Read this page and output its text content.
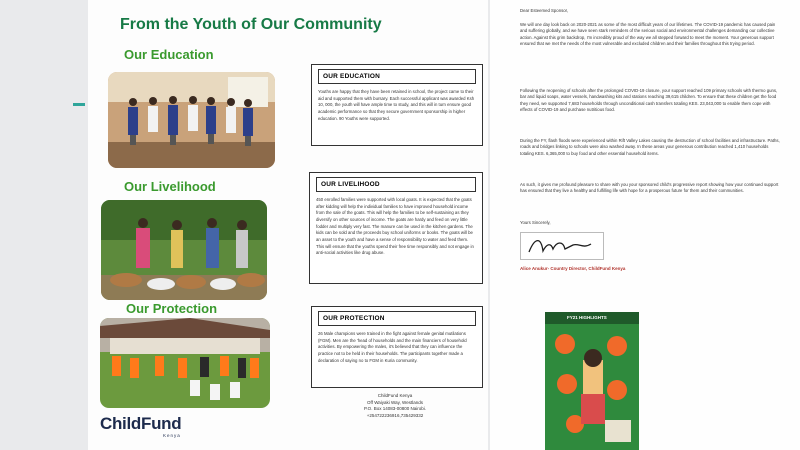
From the Youth of Our Community
Our Education
OUR EDUCATION
Youths are happy that they have been retained in school, the project came to their aid and supported them with bursary. Each successful applicant was awarded Ksh 10, 000, the youth will have ample time to study, and this will in turn ensure good academic performance so that they secure government sponsorship in higher education. 90 Youths were supported.
Our Livelihood	OUR LIVELIHOOD
450 enrolled families were supported with local goats. It is expected that the goats after kidding will help the individual families to have improved household income from the sale of the goats. This will help the families to be self-sustaining as they diversify on other sources of income. The goats are hardy and feed on very little fodder and multiply very fast. The manure can be used in the kitchen gardens. The kids can be sold and the proceeds buy school uniforms or books. The goats will be an asset to the youth and have a sense of responsibility to water and feed them. This will ensure that the youths spend their free time responsibly and not engage in anti-social activities like drug abuse.
Our Protection
OUR PROTECTION
26 Male champions were trained in the fight against female genital mutilations (FGM). Men are the 'head of households and the main financiers of household activities. By empowering the males, it's believed that they can influence the practice not to be held in their households. The participants together made a declaration of saying no to FGM in Kuria community.
ChildFund Kenya
Off Waiyaki Way, Westlands
P.O. Box 14083-00800 Nairobi.
+254722236916,735429332
ChildFund
Kenya
Dear Esteemed Sponsor,
We will one day look back on 2020-2021 as some of the most difficult years of our lifetimes. The COVID-19 pandemic has caused pain and suffering globally, and we have seen stark reminders of the serious social and environmental challenges demanding our collective action. Against this grim backdrop, I'm incredibly proud of the way we all stepped forward to meet the moment. Your generous support ensured that we met the needs of the most vulnerable and excluded children and their families throughout this trying period.
Following the reopening of schools after the prolonged COVID-19 closure, your support reached 109 primary schools with thermo guns, bar and liquid soaps, water vessels, handwashing kits and stations reaching 39,615 children. To ensure that these children get the food they need, we supported 7,683 households through unconditional cash transfers totaling KES. 23,043,000 to enable them cope with effects of COVID-19 and purchase nutritious food.
During the FY, flash floods were experienced within Rift Valley Lakes causing the destruction of school facilities and infrastructure. Paths, roads and bridges linking to schools were also washed away. In these areas your generous contribution reached 1,410 households totaling KES. 6,365,000 to buy food and other essential household items.
As such, it gives me profound pleasure to share with you your sponsored child's progressive report showing how your continued support has ensured that they live a healthy and fulfilling life with hope for a prosperous future for them and their communities.
Yours Sincerely,
Alice Anukur- Country Director, ChildFund Kenya
FY21 HIGHLIGHTS
